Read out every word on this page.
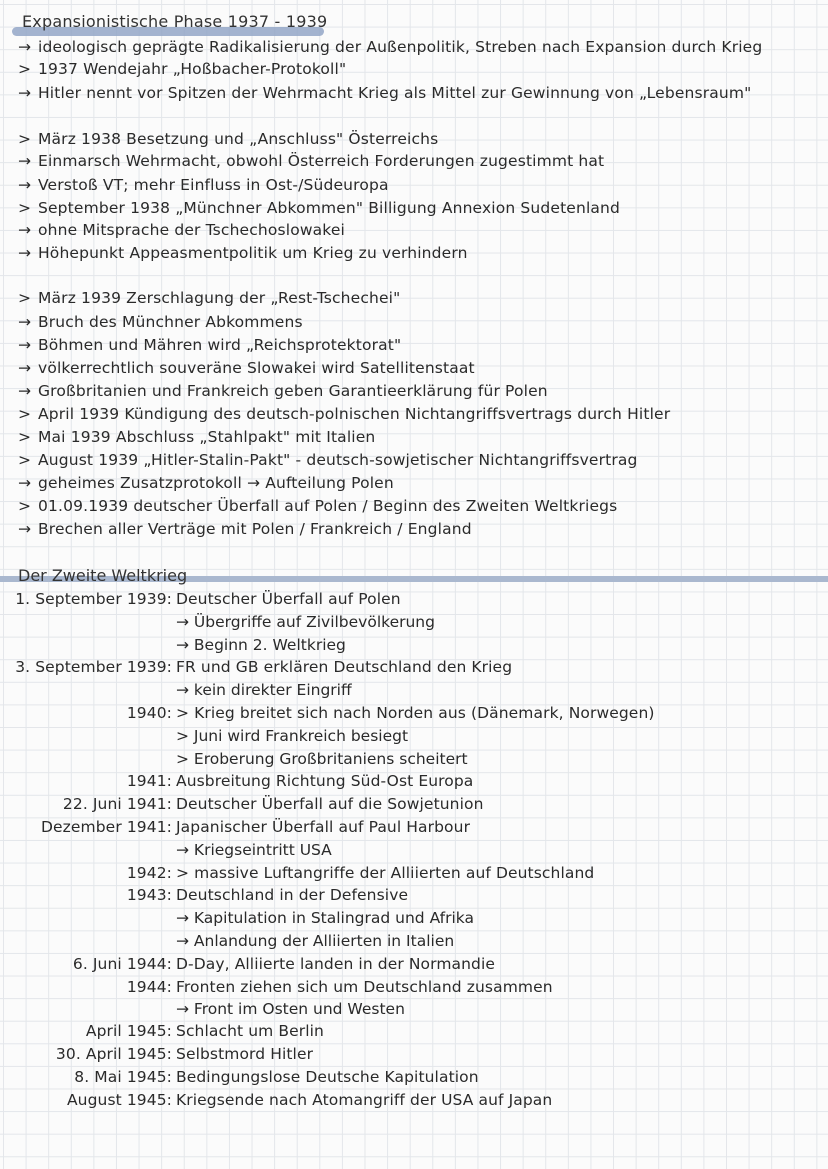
Expansionistische Phase 1937 - 1939
→ ideologisch geprägte Radikalisierung der Außenpolitik, Streben nach Expansion durch Krieg
> 1937 Wendejahr „Hoßbacher-Protokoll"
→ Hitler nennt vor Spitzen der Wehrmacht Krieg als Mittel zur Gewinnung von „Lebensraum"
> März 1938 Besetzung und „Anschluss" Österreichs
→ Einmarsch Wehrmacht, obwohl Österreich Forderungen zugestimmt hat
→ Verstoß VT; mehr Einfluss in Ost-/Südeuropa
> September 1938 „Münchner Abkommen" Billigung Annexion Sudetenland
→ ohne Mitsprache der Tschechoslowakei
→ Höhepunkt Appeasmentpolitik um Krieg zu verhindern
> März 1939 Zerschlagung der „Rest-Tschechei"
→ Bruch des Münchner Abkommens
→ Böhmen und Mähren wird „Reichsprotektorat"
→ völkerrechtlich souveräne Slowakei wird Satellitenstaat
→ Großbritanien und Frankreich geben Garantieerklärung für Polen
> April 1939 Kündigung des deutsch-polnischen Nichtangriffsvertrags durch Hitler
> Mai 1939 Abschluss „Stahlpakt" mit Italien
> August 1939 „Hitler-Stalin-Pakt" - deutsch-sowjetischer Nichtangriffsvertrag
→ geheimes Zusatzprotokoll → Aufteilung Polen
> 01.09.1939 deutscher Überfall auf Polen / Beginn des Zweiten Weltkriegs
→ Brechen aller Verträge mit Polen / Frankreich / England
Der Zweite Weltkrieg
1. September 1939: Deutscher Überfall auf Polen
→ Übergriffe auf Zivilbevölkerung
→ Beginn 2. Weltkrieg
3. September 1939: FR und GB erklären Deutschland den Krieg
→ kein direkter Eingriff
1940: > Krieg breitet sich nach Norden aus (Dänemark, Norwegen)
> Juni wird Frankreich besiegt
> Eroberung Großbritaniens scheitert
1941: Ausbreitung Richtung Süd-Ost Europa
22. Juni 1941: Deutscher Überfall auf die Sowjetunion
Dezember 1941: Japanischer Überfall auf Paul Harbour
→ Kriegseintritt USA
1942: > massive Luftangriffe der Alliierten auf Deutschland
1943: Deutschland in der Defensive
→ Kapitulation in Stalingrad und Afrika
→ Anlandung der Alliierten in Italien
6. Juni 1944: D-Day, Alliierte landen in der Normandie
1944: Fronten ziehen sich um Deutschland zusammen
→ Front im Osten und Westen
April 1945: Schlacht um Berlin
30. April 1945: Selbstmord Hitler
8. Mai 1945: Bedingungslose Deutsche Kapitulation
August 1945: Kriegsende nach Atomangriff der USA auf Japan
